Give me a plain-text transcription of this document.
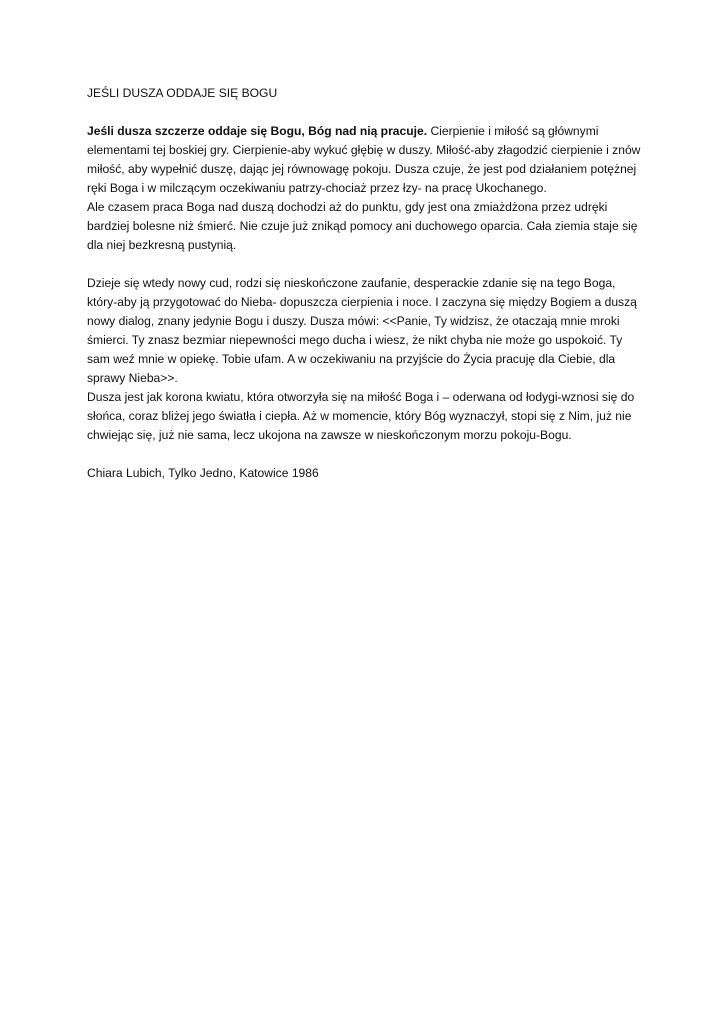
JEŚLI DUSZA ODDAJE SIĘ BOGU

Jeśli dusza szczerze oddaje się Bogu, Bóg nad nią pracuje. Cierpienie i miłość są głównymi elementami tej boskiej gry. Cierpienie-aby wykuć głębię w duszy. Miłość-aby złagodzić cierpienie i znów miłość, aby wypełnić duszę, dając jej równowagę pokoju. Dusza czuje, że jest pod działaniem potężnej ręki Boga i w milczącym oczekiwaniu patrzy-chociaż przez łzy- na pracę Ukochanego.

Ale czasem praca Boga nad duszą dochodzi aż do punktu, gdy jest ona zmiażdżona przez udręki bardziej bolesne niż śmierć. Nie czuje już znikąd pomocy ani duchowego oparcia. Cała ziemia staje się dla niej bezkresną pustynią.

Dzieje się wtedy nowy cud, rodzi się nieskończone zaufanie, desperackie zdanie się na tego Boga, który-aby ją przygotować do Nieba- dopuszcza cierpienia i noce. I zaczyna się między Bogiem a duszą nowy dialog, znany jedynie Bogu i duszy. Dusza mówi: <<Panie, Ty widzisz, że otaczają mnie mroki śmierci. Ty znasz bezmiar niepewności mego ducha i wiesz, że nikt chyba nie może go uspokoić. Ty sam weź mnie w opiekę. Tobie ufam. A w oczekiwaniu na przyjście do Życia pracuję dla Ciebie, dla sprawy Nieba>>.

Dusza jest jak korona kwiatu, która otworzyła się na miłość Boga i – oderwana od łodygi-wznosi się do słońca, coraz bliżej jego światła i ciepła. Aż w momencie, który Bóg wyznaczył, stopi się z Nim, już nie chwiejąc się, już nie sama, lecz ukojona na zawsze w nieskończonym morzu pokoju-Bogu.

Chiara Lubich, Tylko Jedno, Katowice 1986
